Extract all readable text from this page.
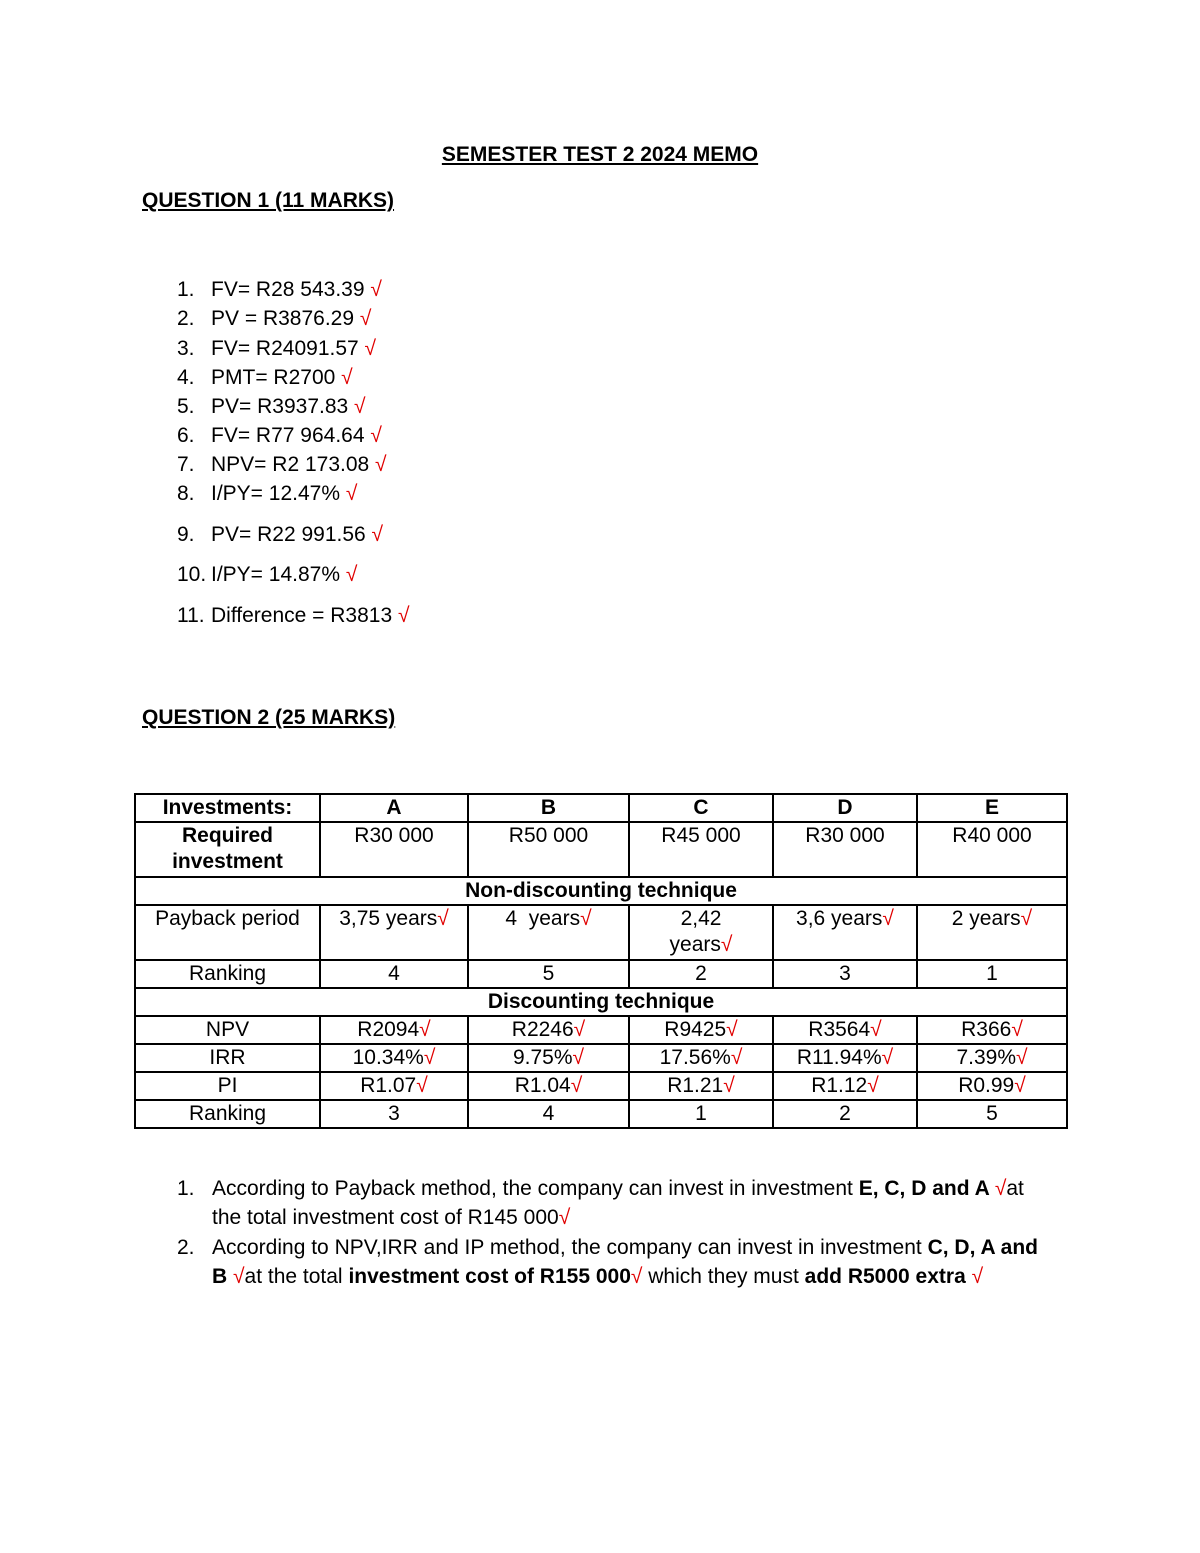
SEMESTER TEST 2 2024 MEMO
QUESTION 1 (11 MARKS)
1. FV= R28 543.39 √
2. PV = R3876.29 √
3. FV= R24091.57 √
4. PMT= R2700 √
5. PV= R3937.83 √
6. FV= R77 964.64 √
7. NPV= R2 173.08 √
8. I/PY= 12.47% √
9. PV= R22 991.56 √
10. I/PY= 14.87% √
11. Difference = R3813 √
QUESTION 2 (25 MARKS)
Investments:	A	B	C	D	E
Required investment	R30 000	R50 000	R45 000	R30 000	R40 000
Non-discounting technique					
Payback period	3,75 years√	4  years√	2,42 years√	3,6 years√	2 years√
Ranking	4	5	2	3	1
Discounting technique					
NPV	R2094√	R2246√	R9425√	R3564√	R366√
IRR	10.34%√	9.75%√	17.56%√	R11.94%√	7.39%√
PI	R1.07√	R1.04√	R1.21√	R1.12√	R0.99√
Ranking	3	4	1	2	5
1. According to Payback method, the company can invest in investment E, C, D and A √at the total investment cost of R145 000√
2. According to NPV,IRR and IP method, the company can invest in investment C, D, A and B √at the total investment cost of R155 000√ which they must add R5000 extra √
